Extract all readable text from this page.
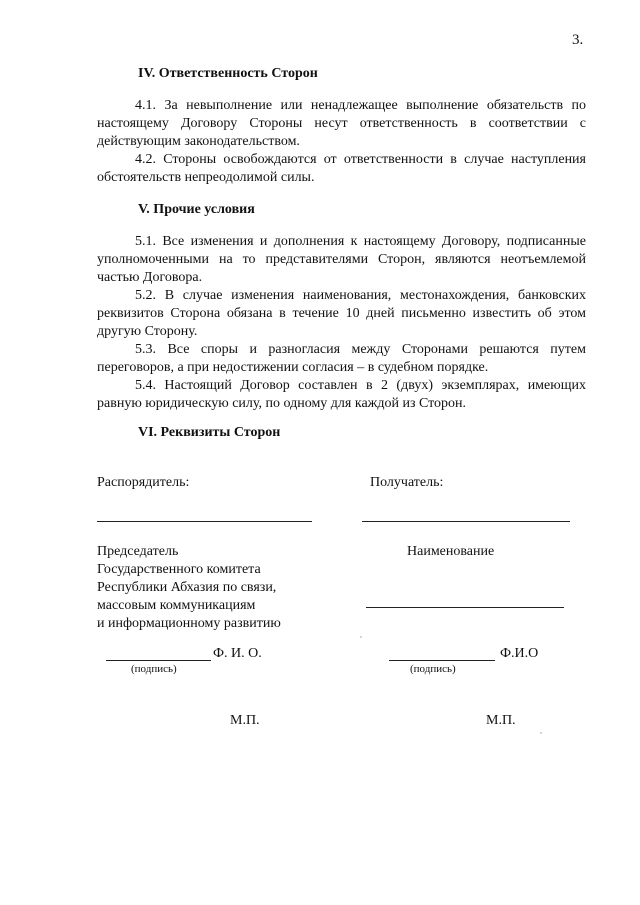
3.
IV. Ответственность Сторон

4.1. За невыполнение или ненадлежащее выполнение обязательств по настоящему Договору Стороны несут ответственность в соответствии с действующим законодательством.

4.2. Стороны освобождаются от ответственности в случае наступления обстоятельств непреодолимой силы.

V. Прочие условия

5.1. Все изменения и дополнения к настоящему Договору, подписанные уполномоченными на то представителями Сторон, являются неотъемлемой частью Договора.

5.2. В случае изменения наименования, местонахождения, банковских реквизитов Сторона обязана в течение 10 дней письменно известить об этом другую Сторону.

5.3. Все споры и разногласия между Сторонами решаются путем переговоров, а при недостижении согласия – в судебном порядке.

5.4. Настоящий Договор составлен в 2 (двух) экземплярах, имеющих равную юридическую силу, по одному для каждой из Сторон.

VI. Реквизиты Сторон
Распорядитель:
Председатель
Государственного комитета
Республики Абхазия по связи,
массовым коммуникациям
и информационному развитию
Ф. И. О.
(подпись)
М.П.
Получатель:
Наименование
Ф.И.О
(подпись)
М.П.
